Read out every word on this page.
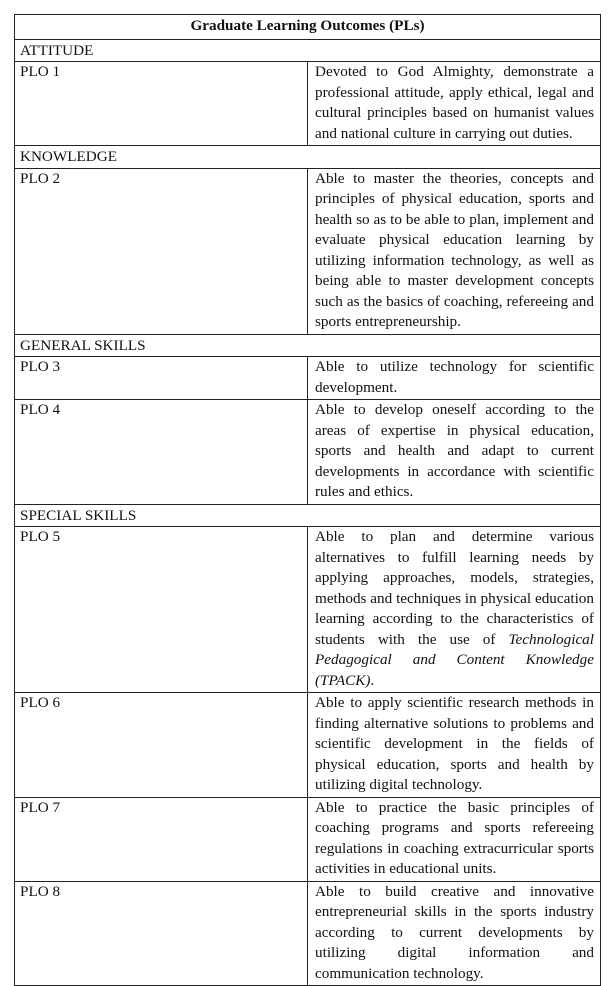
Graduate Learning Outcomes (PLs)	
ATTITUDE	
PLO 1	Devoted to God Almighty, demonstrate a professional attitude, apply ethical, legal and cultural principles based on humanist values and national culture in carrying out duties.
KNOWLEDGE	
PLO 2	Able to master the theories, concepts and principles of physical education, sports and health so as to be able to plan, implement and evaluate physical education learning by utilizing information technology, as well as being able to master development concepts such as the basics of coaching, refereeing and sports entrepreneurship.
GENERAL SKILLS	
PLO 3	Able to utilize technology for scientific development.
PLO 4	Able to develop oneself according to the areas of expertise in physical education, sports and health and adapt to current developments in accordance with scientific rules and ethics.
SPECIAL SKILLS	
PLO 5	Able to plan and determine various alternatives to fulfill learning needs by applying approaches, models, strategies, methods and techniques in physical education learning according to the characteristics of students with the use of Technological Pedagogical and Content Knowledge (TPACK).
PLO 6	Able to apply scientific research methods in finding alternative solutions to problems and scientific development in the fields of physical education, sports and health by utilizing digital technology.
PLO 7	Able to practice the basic principles of coaching programs and sports refereeing regulations in coaching extracurricular sports activities in educational units.
PLO 8	Able to build creative and innovative entrepreneurial skills in the sports industry according to current developments by utilizing digital information and communication technology.
